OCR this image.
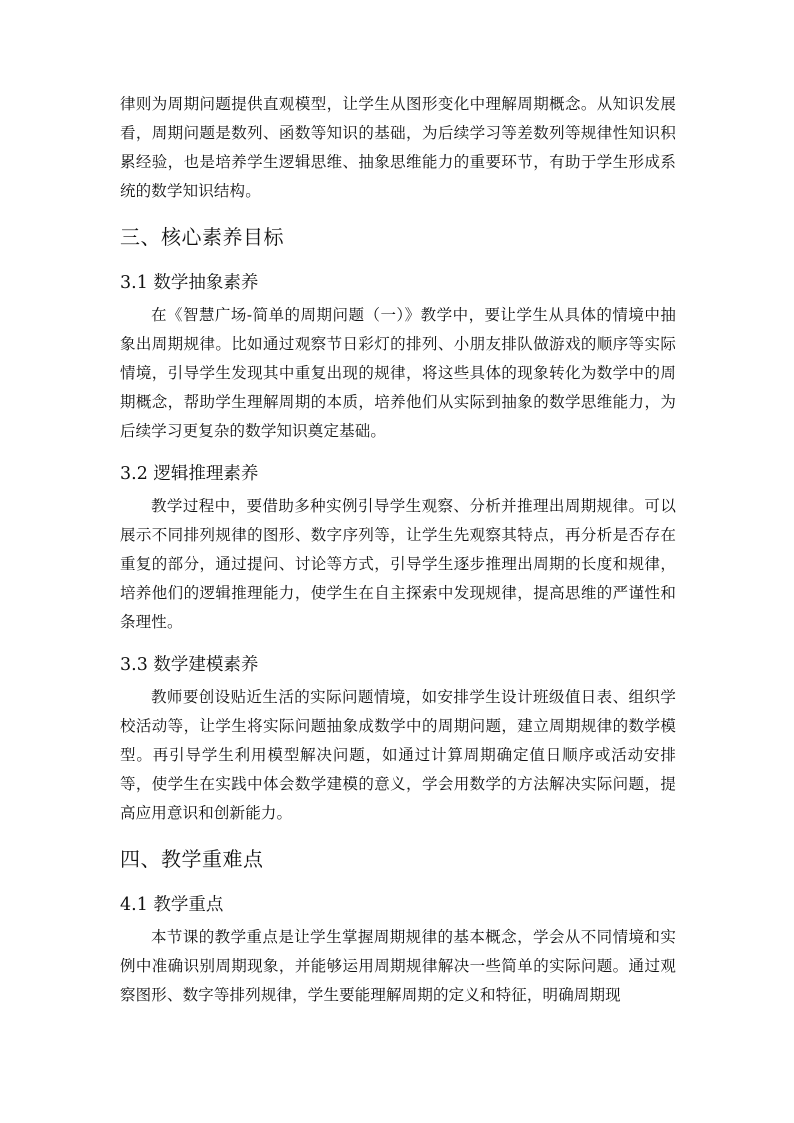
律则为周期问题提供直观模型，让学生从图形变化中理解周期概念。从知识发展看，周期问题是数列、函数等知识的基础，为后续学习等差数列等规律性知识积累经验，也是培养学生逻辑思维、抽象思维能力的重要环节，有助于学生形成系统的数学知识结构。

三、核心素养目标
3.1 数学抽象素养

在《智慧广场-简单的周期问题（一）》教学中，要让学生从具体的情境中抽象出周期规律。比如通过观察节日彩灯的排列、小朋友排队做游戏的顺序等实际情境，引导学生发现其中重复出现的规律，将这些具体的现象转化为数学中的周期概念，帮助学生理解周期的本质，培养他们从实际到抽象的数学思维能力，为后续学习更复杂的数学知识奠定基础。

3.2 逻辑推理素养

教学过程中，要借助多种实例引导学生观察、分析并推理出周期规律。可以展示不同排列规律的图形、数字序列等，让学生先观察其特点，再分析是否存在重复的部分，通过提问、讨论等方式，引导学生逐步推理出周期的长度和规律，培养他们的逻辑推理能力，使学生在自主探索中发现规律，提高思维的严谨性和条理性。

3.3 数学建模素养

教师要创设贴近生活的实际问题情境，如安排学生设计班级值日表、组织学校活动等，让学生将实际问题抽象成数学中的周期问题，建立周期规律的数学模型。再引导学生利用模型解决问题，如通过计算周期确定值日顺序或活动安排等，使学生在实践中体会数学建模的意义，学会用数学的方法解决实际问题，提高应用意识和创新能力。

四、教学重难点
4.1 教学重点

本节课的教学重点是让学生掌握周期规律的基本概念，学会从不同情境和实例中准确识别周期现象，并能够运用周期规律解决一些简单的实际问题。通过观察图形、数字等排列规律，学生要能理解周期的定义和特征，明确周期现
